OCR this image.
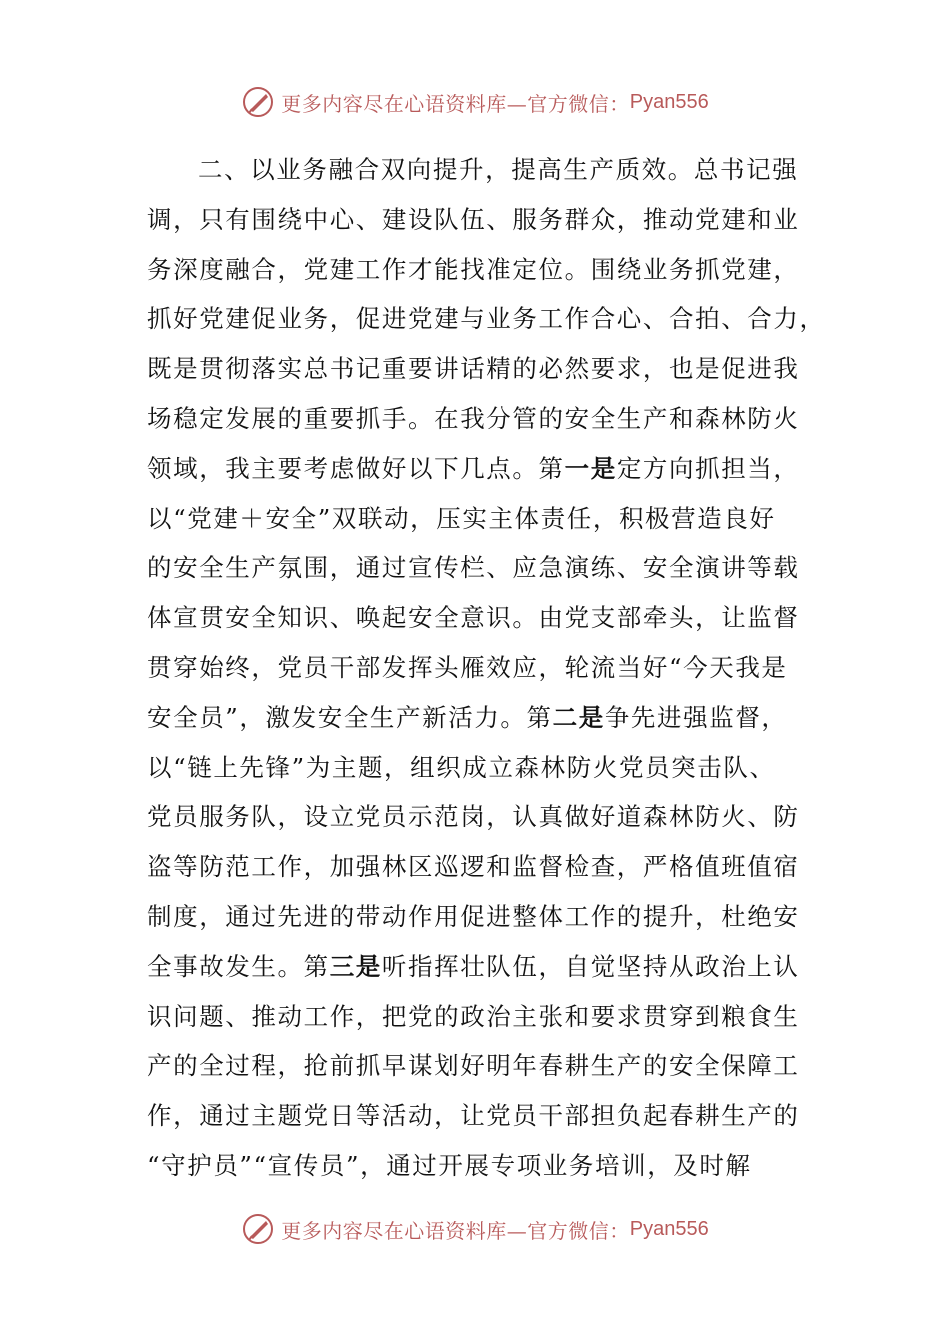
更多内容尽在心语资料库—官方微信： Pyan556
二、以业务融合双向提升，提高生产质效。总书记强
调，只有围绕中心、建设队伍、服务群众，推动党建和业
务深度融合，党建工作才能找准定位。围绕业务抓党建，
抓好党建促业务，促进党建与业务工作合心、合拍、合力，
既是贯彻落实总书记重要讲话精的必然要求，也是促进我
场稳定发展的重要抓手。在我分管的安全生产和森林防火
领域，我主要考虑做好以下几点。第一是定方向抓担当，
以“党建＋安全”双联动，压实主体责任，积极营造良好
的安全生产氛围，通过宣传栏、应急演练、安全演讲等载
体宣贯安全知识、唤起安全意识。由党支部牵头，让监督
贯穿始终，党员干部发挥头雁效应，轮流当好“今天我是
安全员”，激发安全生产新活力。第二是争先进强监督，
以“链上先锋”为主题，组织成立森林防火党员突击队、
党员服务队，设立党员示范岗，认真做好道森林防火、防
盗等防范工作，加强林区巡逻和监督检查，严格值班值宿
制度，通过先进的带动作用促进整体工作的提升，杜绝安
全事故发生。第三是听指挥壮队伍，自觉坚持从政治上认
识问题、推动工作，把党的政治主张和要求贯穿到粮食生
产的全过程，抢前抓早谋划好明年春耕生产的安全保障工
作，通过主题党日等活动，让党员干部担负起春耕生产的
“守护员”“宣传员”，通过开展专项业务培训，及时解
更多内容尽在心语资料库—官方微信： Pyan556
